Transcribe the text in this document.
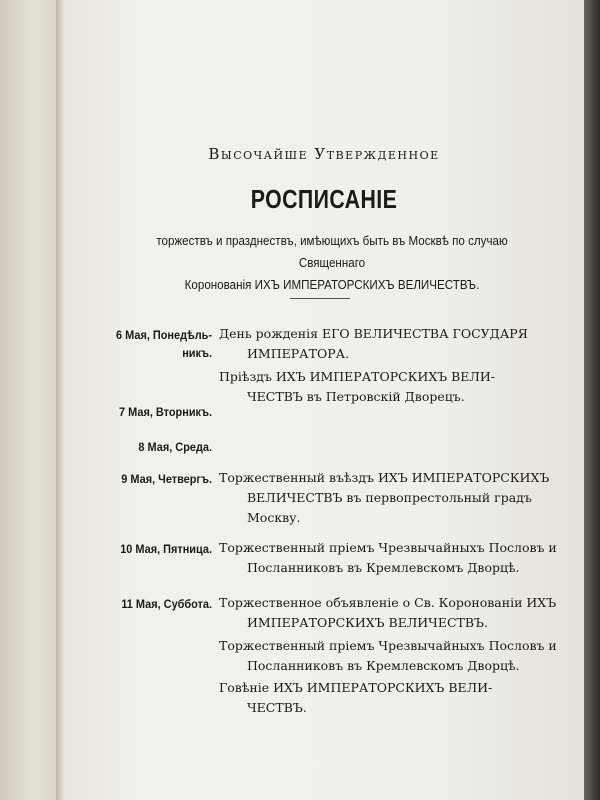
Высочайше Утвержденное
РОСПИСАНІЕ
торжествъ и празднествъ, имѣющихъ быть въ Москвѣ по случаю Священнаго
Коронованія ИХЪ ИМПЕРАТОРСКИХЪ ВЕЛИЧЕСТВЪ.
6 Мая, Понедѣль-
никъ.
День рожденія ЕГО ВЕЛИЧЕСТВА ГОСУДАРЯ
ИМПЕРАТОРА.
Пріѣздъ ИХЪ ИМПЕРАТОРСКИХЪ ВЕЛИ-
ЧЕСТВЪ въ Петровскій Дворецъ.
7 Мая, Вторникъ.
8 Мая, Среда.
9 Мая, Четвергъ. Торжественный въѣздъ ИХЪ ИМПЕРАТОРСКИХЪ
ВЕЛИЧЕСТВЪ въ первопрестольный градъ
Москву.
10 Мая, Пятница. Торжественный пріемъ Чрезвычайныхъ Пословъ и
Посланниковъ въ Кремлевскомъ Дворцѣ.
11 Мая, Суббота. Торжественное объявленіе о Св. Коронованіи ИХЪ
ИМПЕРАТОРСКИХЪ ВЕЛИЧЕСТВЪ.
Торжественный пріемъ Чрезвычайныхъ Пословъ и
Посланниковъ въ Кремлевскомъ Дворцѣ.
Говѣніе ИХЪ ИМПЕРАТОРСКИХЪ ВЕЛИ-
ЧЕСТВЪ.
